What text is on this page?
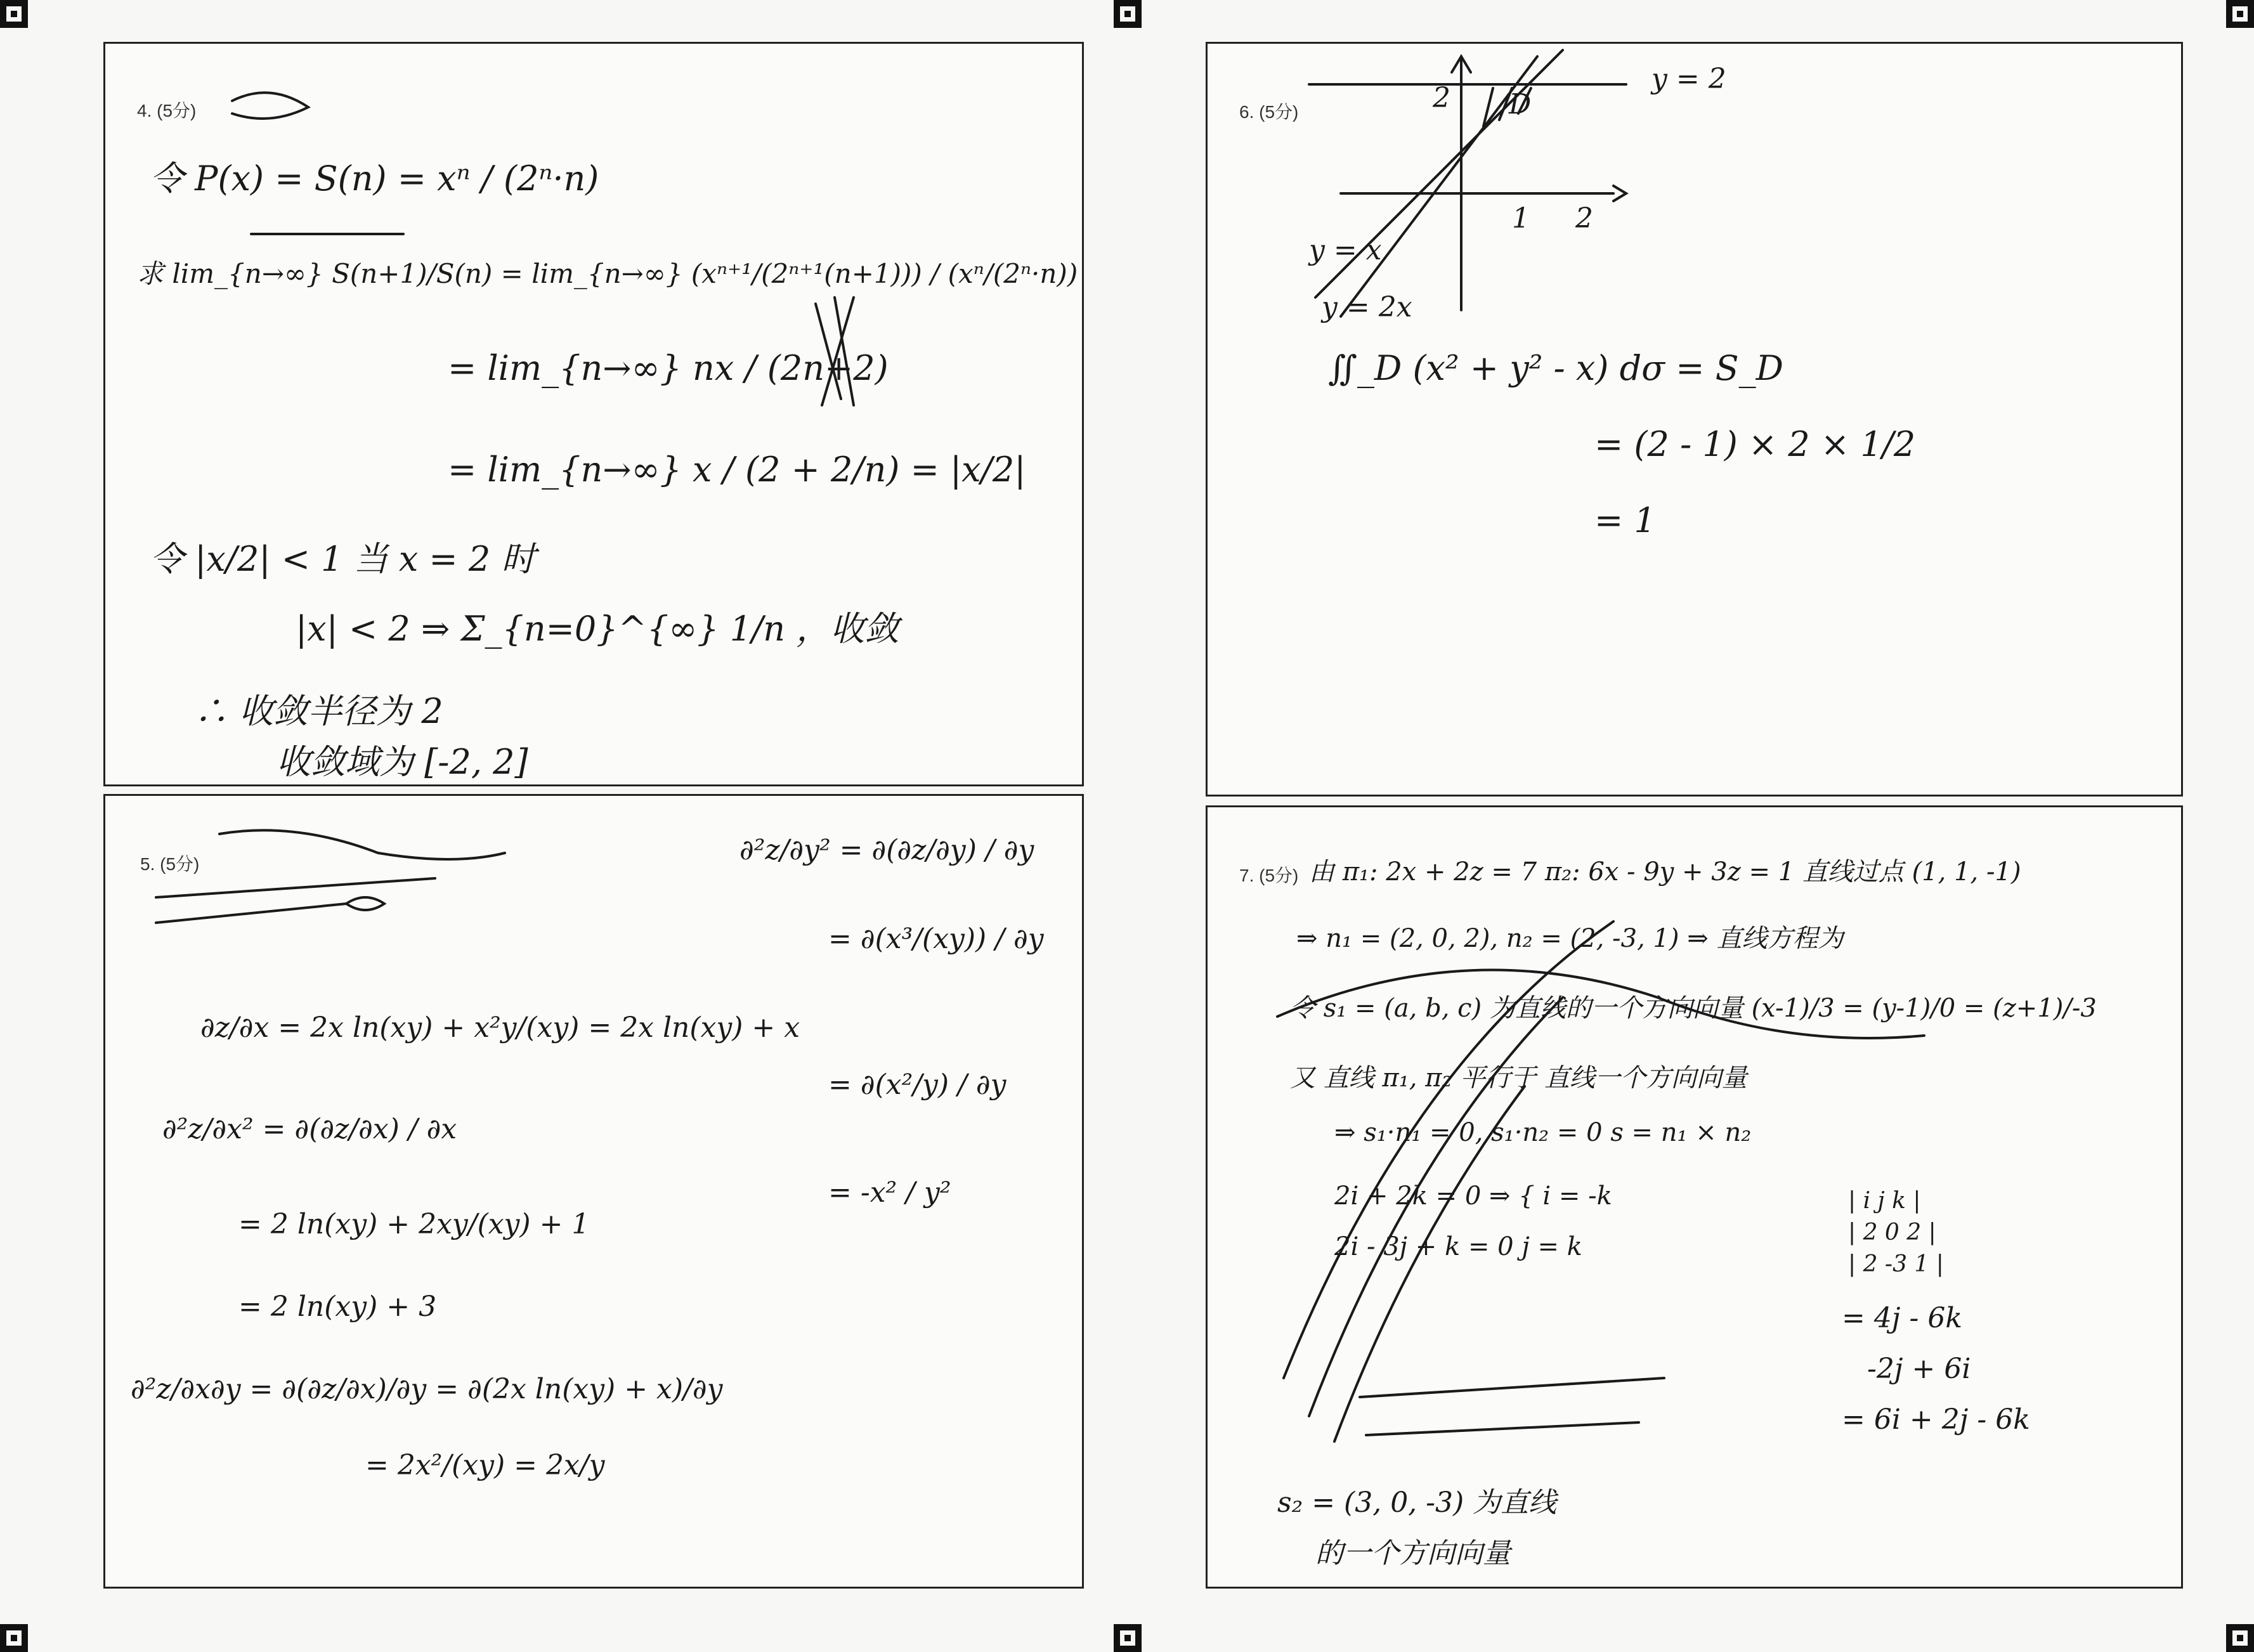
4. (5分)
令 P(x) = S(n) = xⁿ / (2ⁿ·n)
求 lim_{n→∞} S(n+1)/S(n) = lim_{n→∞} (xⁿ⁺¹/(2ⁿ⁺¹(n+1))) / (xⁿ/(2ⁿ·n))
= lim_{n→∞} nx / (2n+2)
= lim_{n→∞} x / (2 + 2/n) = |x/2|
令 |x/2| < 1 当 x = 2 时
|x| < 2 ⇒ Σ_{n=0}^{∞} 1/n ，收敛
∴ 收敛半径为 2
收敛域为 [-2, 2]
5. (5分)
∂z/∂x = 2x ln(xy) + x²y/(xy) = 2x ln(xy) + x
∂²z/∂x² = ∂(∂z/∂x) / ∂x
= 2 ln(xy) + 2xy/(xy) + 1
= 2 ln(xy) + 3
∂²z/∂x∂y = ∂(∂z/∂x)/∂y = ∂(2x ln(xy) + x)/∂y
= 2x²/(xy) = 2x/y
∂²z/∂y² = ∂(∂z/∂y) / ∂y
= ∂(x³/(xy)) / ∂y
= ∂(x²/y) / ∂y
= -x² / y²
6. (5分)
y = 2
y = x
y = 2x
D
1 2
2
∬_D (x² + y² - x) dσ = S_D
= (2 - 1) × 2 × 1/2
= 1
7. (5分) 由 π₁: 2x + 2z = 7 π₂: 6x - 9y + 3z = 1 直线过点 (1, 1, -1)
⇒ n₁ = (2, 0, 2), n₂ = (2, -3, 1) ⇒ 直线方程为
令 s₁ = (a, b, c) 为直线的一个方向向量 (x-1)/3 = (y-1)/0 = (z+1)/-3
又 直线 π₁, π₂ 平行于 直线一个方向向量
⇒ s₁·n₁ = 0, s₁·n₂ = 0 s = n₁ × n₂
2i + 2k = 0 ⇒ { i = -k
2i - 3j + k = 0 j = k
s₂ = (3, 0, -3) 为直线
的一个方向向量
| i j k |
| 2 0 2 |
| 2 -3 1 |
= 4j - 6k
-2j + 6i
= 6i + 2j - 6k
